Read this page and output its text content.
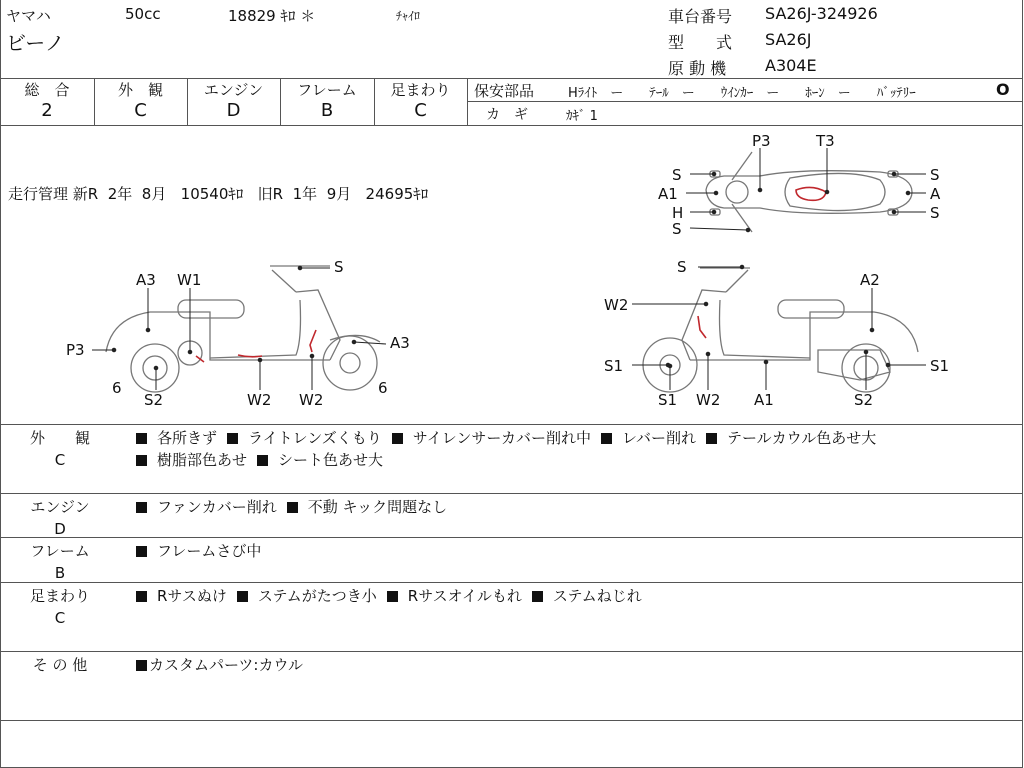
ヤマハ	50cc	18829 ｷﾛ ＊	ﾁｬｲﾛ
ビーノ
車台番号 SA26J-324926
型　　式 SA26J
原 動 機 A304E
総　合
2
外　観
C
エンジン
D
フレーム
B
足まわり
C
保安部品	Hﾗｲﾄ　ー　　ﾃｰﾙ　ー　　ｳｲﾝｶｰ　ー　　ﾎｰﾝ　ー　　ﾊﾞｯﾃﾘｰ　	O
カ　ギ	ｶｷﾞ 1
走行管理 新R  2年  8月   10540ｷﾛ   旧R  1年  9月   24695ｷﾛ
P3	T3
S
A1
H
S
S
A
S
A3 W1
S
P3	A3
6	6
S2	W2 W2
S
A2
W2
S1	S1
S1 W2 A1	S2
外　　観
C
各所きず ライトレンズくもり サイレンサーカバー削れ中 レバー削れ テールカウル色あせ大
樹脂部色あせ シート色あせ大
エンジン
D
ファンカバー削れ 不動 キック問題なし
フレーム
B
フレームさび中
足まわり
C
Rサスぬけ ステムがたつき小 Rサスオイルもれ ステムねじれ
そ の 他	カスタムパーツ:カウル
